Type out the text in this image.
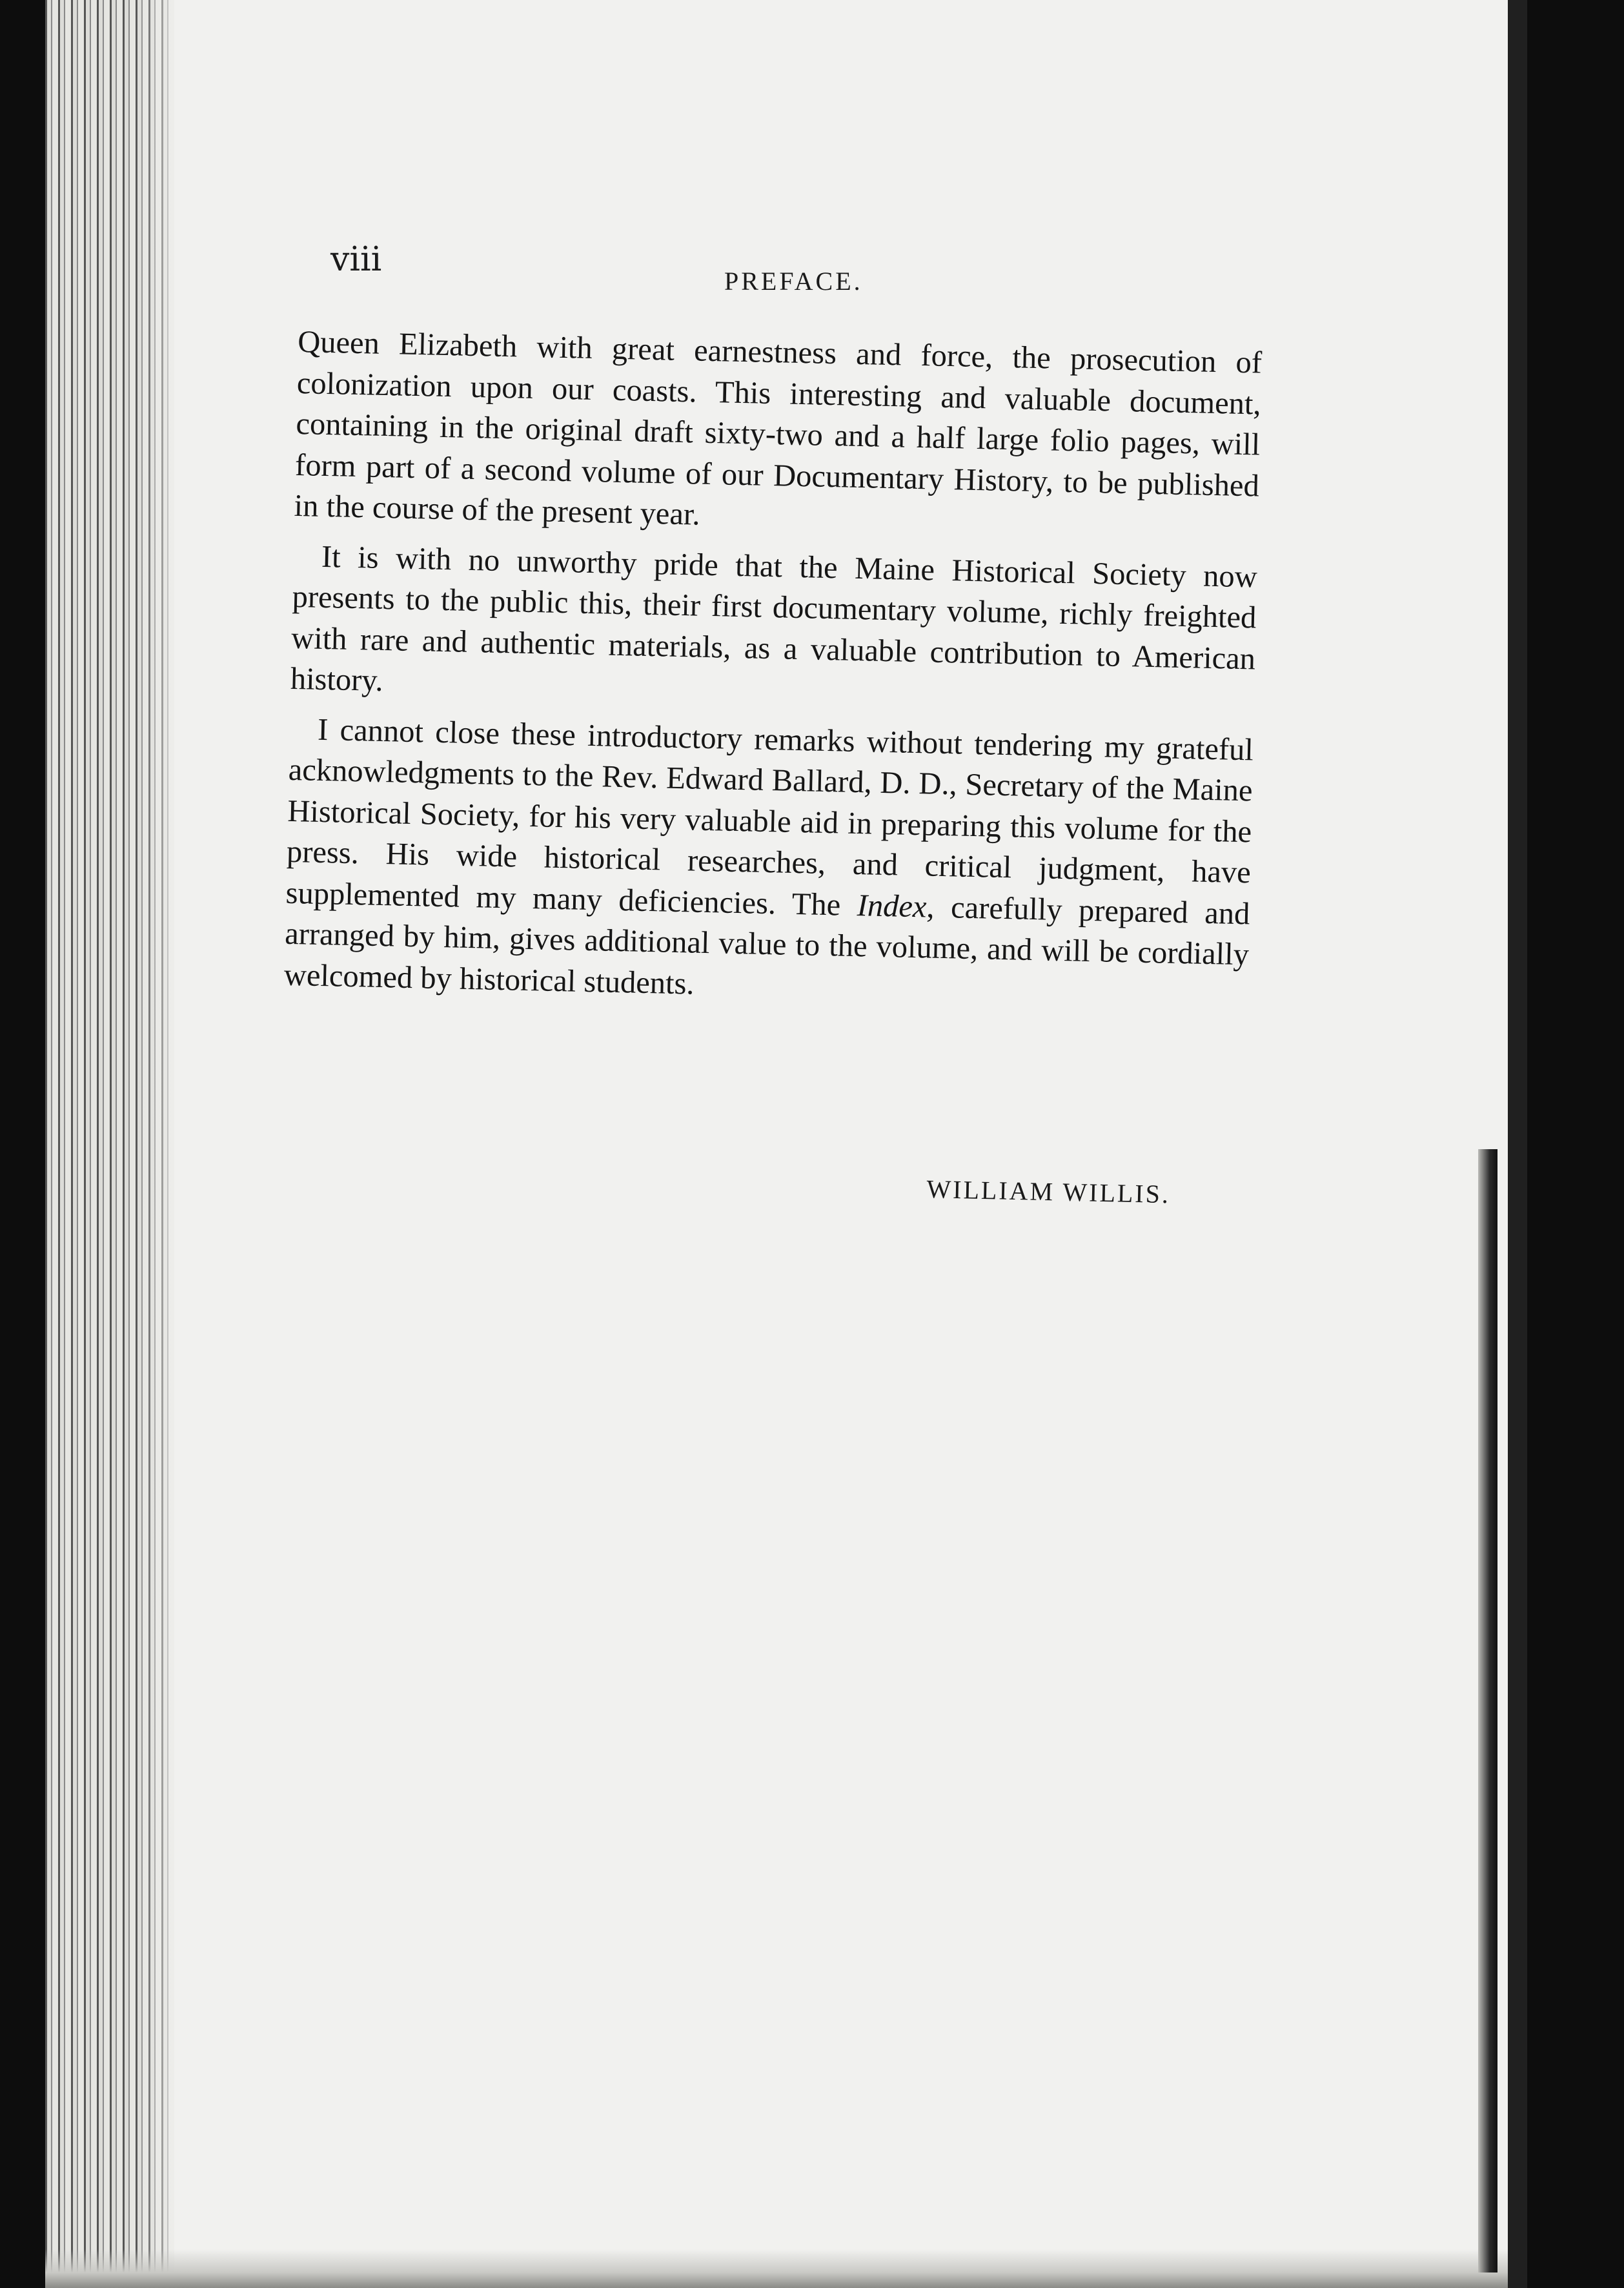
viii
PREFACE.

Queen Elizabeth with great earnestness and force, the prosecution of colonization upon our coasts. This interesting and valuable document, containing in the original draft sixty-two and a half large folio pages, will form part of a second volume of our Documentary History, to be published in the course of the present year.

It is with no unworthy pride that the Maine Historical Society now presents to the public this, their first documentary volume, richly freighted with rare and authentic materials, as a valuable contribution to American history.

I cannot close these introductory remarks without tendering my grateful acknowledgments to the Rev. Edward Ballard, D. D., Secretary of the Maine Historical Society, for his very valuable aid in preparing this volume for the press. His wide historical researches, and critical judgment, have supplemented my many deficiencies. The Index, carefully prepared and arranged by him, gives additional value to the volume, and will be cordially welcomed by historical students.

WILLIAM WILLIS.
